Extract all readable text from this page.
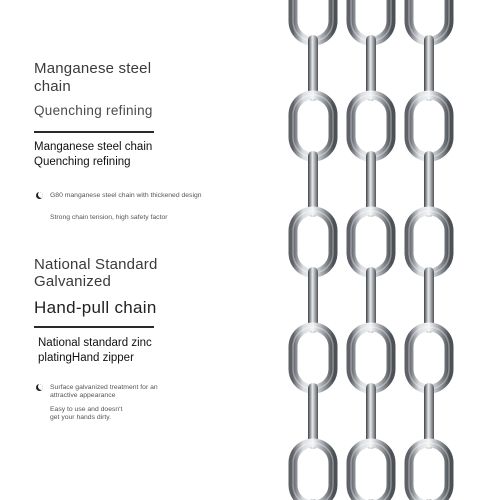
Manganese steel chain
Quenching refining
Manganese steel chain
Quenching refining
G80 manganese steel chain with thickened design
Strong chain tension, high safety factor
National Standard
Galvanized
Hand-pull chain
National standard zinc
platingHand zipper
Surface galvanized treatment for an
attractive appearance
Easy to use and doesn't
get your hands dirty.
